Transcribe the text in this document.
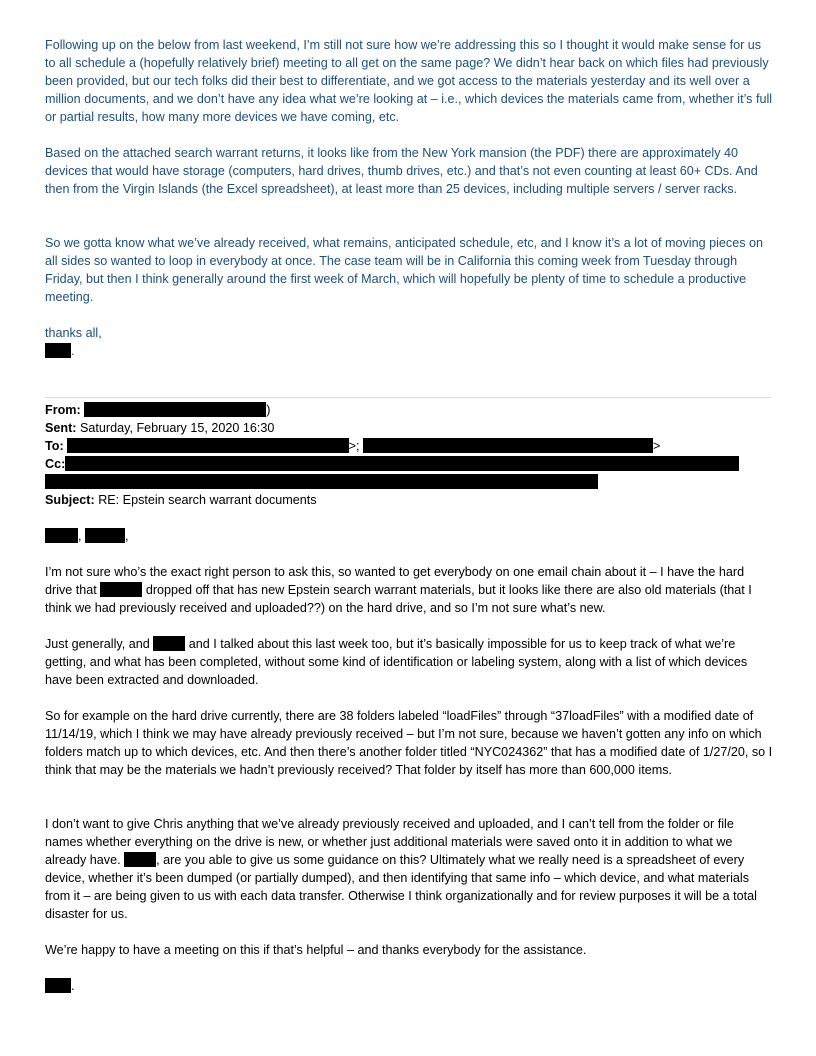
Following up on the below from last weekend, I’m still not sure how we’re addressing this so I thought it would make sense for us to all schedule a (hopefully relatively brief) meeting to all get on the same page? We didn’t hear back on which files had previously been provided, but our tech folks did their best to differentiate, and we got access to the materials yesterday and its well over a million documents, and we don’t have any idea what we’re looking at – i.e., which devices the materials came from, whether it’s full or partial results, how many more devices we have coming, etc.

Based on the attached search warrant returns, it looks like from the New York mansion (the PDF) there are approximately 40 devices that would have storage (computers, hard drives, thumb drives, etc.) and that’s not even counting at least 60+ CDs. And then from the Virgin Islands (the Excel spreadsheet), at least more than 25 devices, including multiple servers / server racks.

So we gotta know what we’ve already received, what remains, anticipated schedule, etc, and I know it’s a lot of moving pieces on all sides so wanted to loop in everybody at once. The case team will be in California this coming week from Tuesday through Friday, but then I think generally around the first week of March, which will hopefully be plenty of time to schedule a productive meeting.

thanks all,

.
From:	)
Sent: Saturday, February 15, 2020 16:30
To:	>;	>
Cc:
Subject: RE: Epstein search warrant documents
,	,

I’m not sure who’s the exact right person to ask this, so wanted to get everybody on one email chain about it – I have the hard drive that	dropped off that has new Epstein search warrant materials, but it looks like there are also old materials (that I think we had previously received and uploaded??) on the hard drive, and so I’m not sure what’s new.

Just generally, and	and I talked about this last week too, but it’s basically impossible for us to keep track of what we’re getting, and what has been completed, without some kind of identification or labeling system, along with a list of which devices have been extracted and downloaded.

So for example on the hard drive currently, there are 38 folders labeled “loadFiles” through “37loadFiles” with a modified date of 11/14/19, which I think we may have already previously received – but I’m not sure, because we haven’t gotten any info on which folders match up to which devices, etc. And then there’s another folder titled “NYC024362” that has a modified date of 1/27/20, so I think that may be the materials we hadn’t previously received? That folder by itself has more than 600,000 items.

I don’t want to give Chris anything that we’ve already previously received and uploaded, and I can’t tell from the folder or file names whether everything on the drive is new, or whether just additional materials were saved onto it in addition to what we already have.	, are you able to give us some guidance on this? Ultimately what we really need is a spreadsheet of every device, whether it’s been dumped (or partially dumped), and then identifying that same info – which device, and what materials from it – are being given to us with each data transfer. Otherwise I think organizationally and for review purposes it will be a total disaster for us.

We’re happy to have a meeting on this if that’s helpful – and thanks everybody for the assistance.

.
